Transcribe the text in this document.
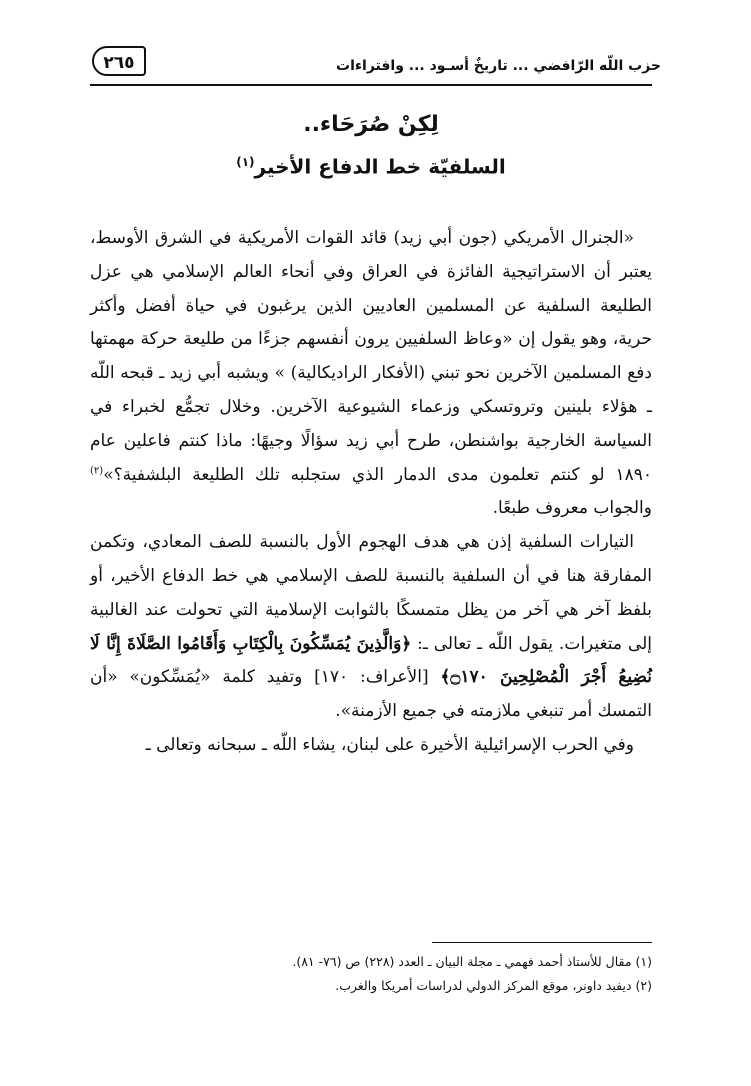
٢٦٥	حزب اللّه الرّافضي ... تاريخٌ أسـود ... وافتراءات
لِكِنْ صُرَحَاء..
السلفيّة خط الدفاع الأخير$^{(١)}$

«الجنرال الأمريكي (جون أبي زيد) قائد القوات الأمريكية في الشرق الأوسط، يعتبر أن الاستراتيجية الفائزة في العراق وفي أنحاء العالم الإسلامي هي عزل الطليعة السلفية عن المسلمين العاديين الذين يرغبون في حياة أفضل وأكثر حرية، وهو يقول إن «وعاظ السلفيين يرون أنفسهم جزءًا من طليعة حركة مهمتها دفع المسلمين الآخرين نحو تبني (الأفكار الراديكالية) » ويشبه أبي زيد ـ قبحه اللّه ـ هؤلاء بلينين وتروتسكي وزعماء الشيوعية الآخرين. وخلال تجمُّع لخبراء في السياسة الخارجية بواشنطن، طرح أبي زيد سؤالًا وجيهًا: ماذا كنتم فاعلين عام ١٨٩٠ لو كنتم تعلمون مدى الدمار الذي ستجلبه تلك الطليعة البلشفية؟»$^{(٢)}$ والجواب معروف طبعًا.

التيارات السلفية إذن هي هدف الهجوم الأول بالنسبة للصف المعادي، وتكمن المفارقة هنا في أن السلفية بالنسبة للصف الإسلامي هي خط الدفاع الأخير، أو بلفظ آخر هي آخر من يظل متمسكًا بالثوابت الإسلامية التي تحولت عند الغالبية إلى متغيرات. يقول اللّه ـ تعالى ـ: ﴿وَالَّذِينَ يُمَسِّكُونَ بِالْكِتَابِ وَأَقَامُوا الصَّلَاةَ إِنَّا لَا نُضِيعُ أَجْرَ الْمُصْلِحِينَ ۝١٧٠﴾ [الأعراف: ١٧٠] وتفيد كلمة «يُمَسِّكون» «أن التمسك أمر تنبغي ملازمته في جميع الأزمنة».

وفي الحرب الإسرائيلية الأخيرة على لبنان، يشاء اللّه ـ سبحانه وتعالى ـ

(١) مقال للأستاذ أحمد فهمي ـ مجلة البيان ـ العدد (٢٢٨) ص (٧٦- ٨١).
(٢) ديفيد داونر، موقع المركز الدولي لدراسات أمريكا والغرب.
